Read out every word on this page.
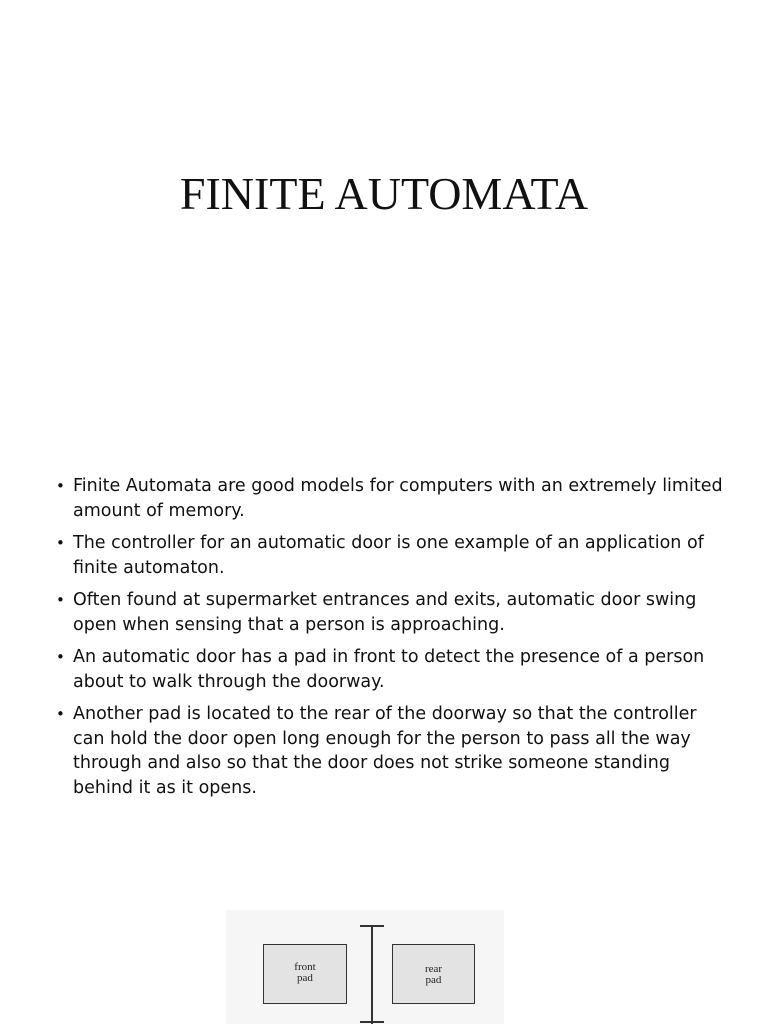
FINITE AUTOMATA
• Finite Automata are good models for computers with an extremely limited amount of memory.
• The controller for an automatic door is one example of an application of finite automaton.
• Often found at supermarket entrances and exits, automatic door swing open when sensing that a person is approaching.
• An automatic door has a pad in front to detect the presence of a person about to walk through the doorway.
• Another pad is located to the rear of the doorway so that the controller can hold the door open long enough for the person to pass all the way through and also so that the door does not strike someone standing behind it as it opens.
front
pad
rear
pad
